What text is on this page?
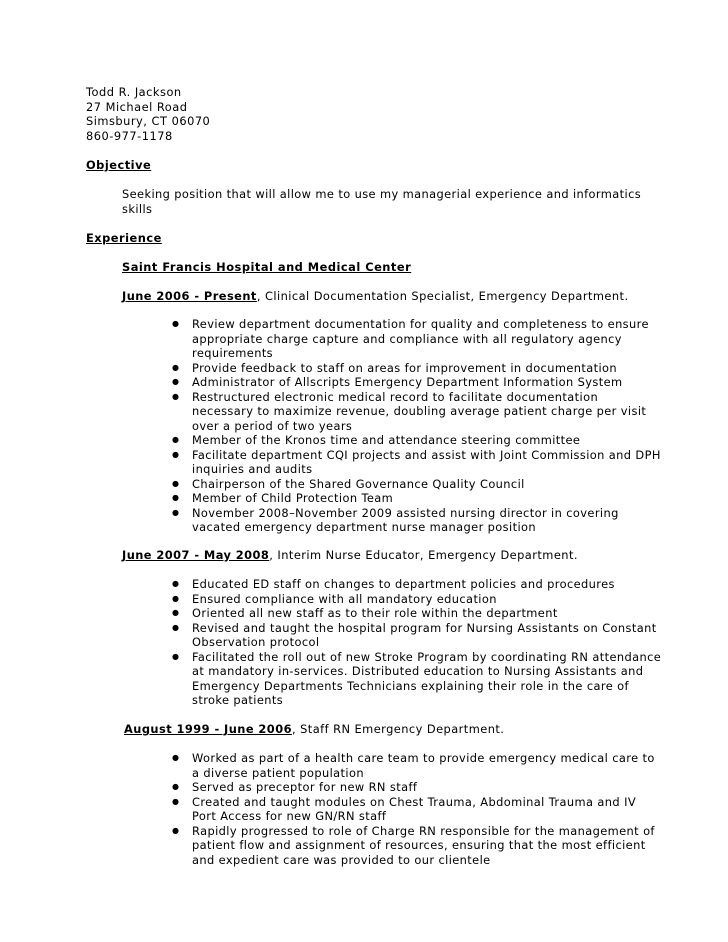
Todd R. Jackson
27 Michael Road
Simsbury, CT 06070
860-977-1178
Objective
Seeking position that will allow me to use my managerial experience and informatics skills
Experience
Saint Francis Hospital and Medical Center
June 2006 - Present, Clinical Documentation Specialist, Emergency Department.
● Review department documentation for quality and completeness to ensure appropriate charge capture and compliance with all regulatory agency requirements
● Provide feedback to staff on areas for improvement in documentation
● Administrator of Allscripts Emergency Department Information System
● Restructured electronic medical record to facilitate documentation necessary to maximize revenue, doubling average patient charge per visit over a period of two years
● Member of the Kronos time and attendance steering committee
● Facilitate department CQI projects and assist with Joint Commission and DPH inquiries and audits
● Chairperson of the Shared Governance Quality Council
● Member of Child Protection Team
● November 2008–November 2009 assisted nursing director in covering vacated emergency department nurse manager position
June 2007 - May 2008, Interim Nurse Educator, Emergency Department.
● Educated ED staff on changes to department policies and procedures
● Ensured compliance with all mandatory education
● Oriented all new staff as to their role within the department
● Revised and taught the hospital program for Nursing Assistants on Constant Observation protocol
● Facilitated the roll out of new Stroke Program by coordinating RN attendance at mandatory in-services. Distributed education to Nursing Assistants and Emergency Departments Technicians explaining their role in the care of stroke patients
August 1999 - June 2006, Staff RN Emergency Department.
● Worked as part of a health care team to provide emergency medical care to a diverse patient population
● Served as preceptor for new RN staff
● Created and taught modules on Chest Trauma, Abdominal Trauma and IV Port Access for new GN/RN staff
● Rapidly progressed to role of Charge RN responsible for the management of patient flow and assignment of resources, ensuring that the most efficient and expedient care was provided to our clientele
